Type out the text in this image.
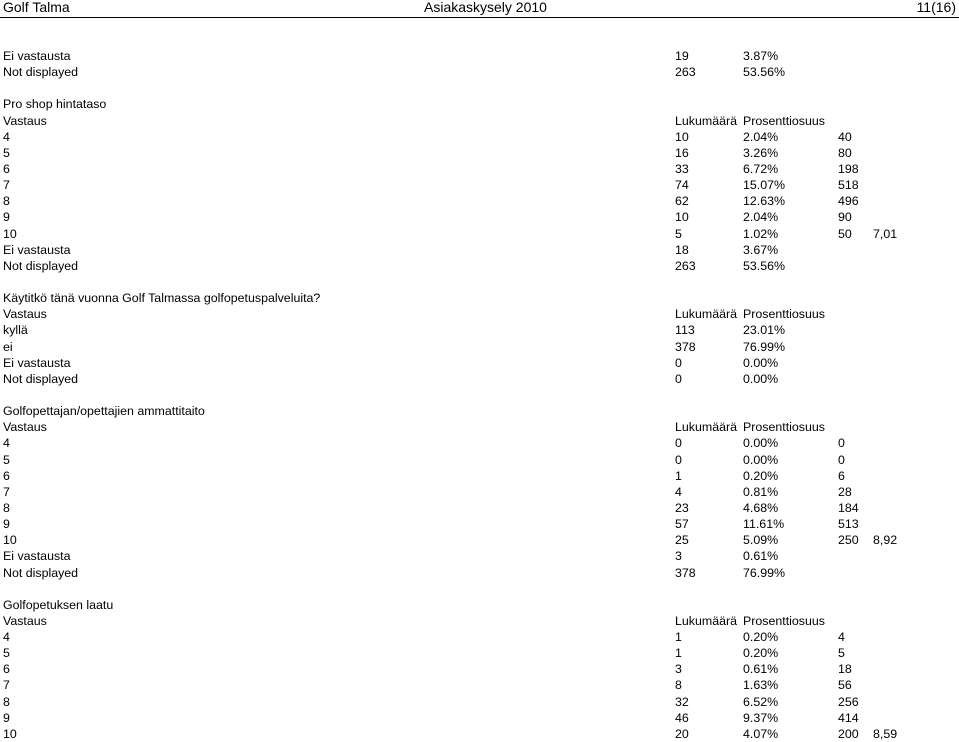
Golf Talma	Asiakaskysely 2010	11(16)
Ei vastausta	19	3.87%
Not displayed	263	53.56%
Pro shop hintataso
Vastaus	Lukumäärä Prosenttiosuus
4	10	2.04%	40
5	16	3.26%	80
6	33	6.72%	198
7	74	15.07%	518
8	62	12.63%	496
9	10	2.04%	90
10	5	1.02%	50 7,01
Ei vastausta	18	3.67%
Not displayed	263	53.56%
Käytitkö tänä vuonna Golf Talmassa golfopetuspalveluita?
Vastaus	Lukumäärä Prosenttiosuus
kyllä	113	23.01%
ei	378	76.99%
Ei vastausta	0	0.00%
Not displayed	0	0.00%
Golfopettajan/opettajien ammattitaito
Vastaus	Lukumäärä Prosenttiosuus
4	0	0.00%	0
5	0	0.00%	0
6	1	0.20%	6
7	4	0.81%	28
8	23	4.68%	184
9	57	11.61%	513
10	25	5.09%	250 8,92
Ei vastausta	3	0.61%
Not displayed	378	76.99%
Golfopetuksen laatu
Vastaus	Lukumäärä Prosenttiosuus
4	1	0.20%	4
5	1	0.20%	5
6	3	0.61%	18
7	8	1.63%	56
8	32	6.52%	256
9	46	9.37%	414
10	20	4.07%	200 8,59
